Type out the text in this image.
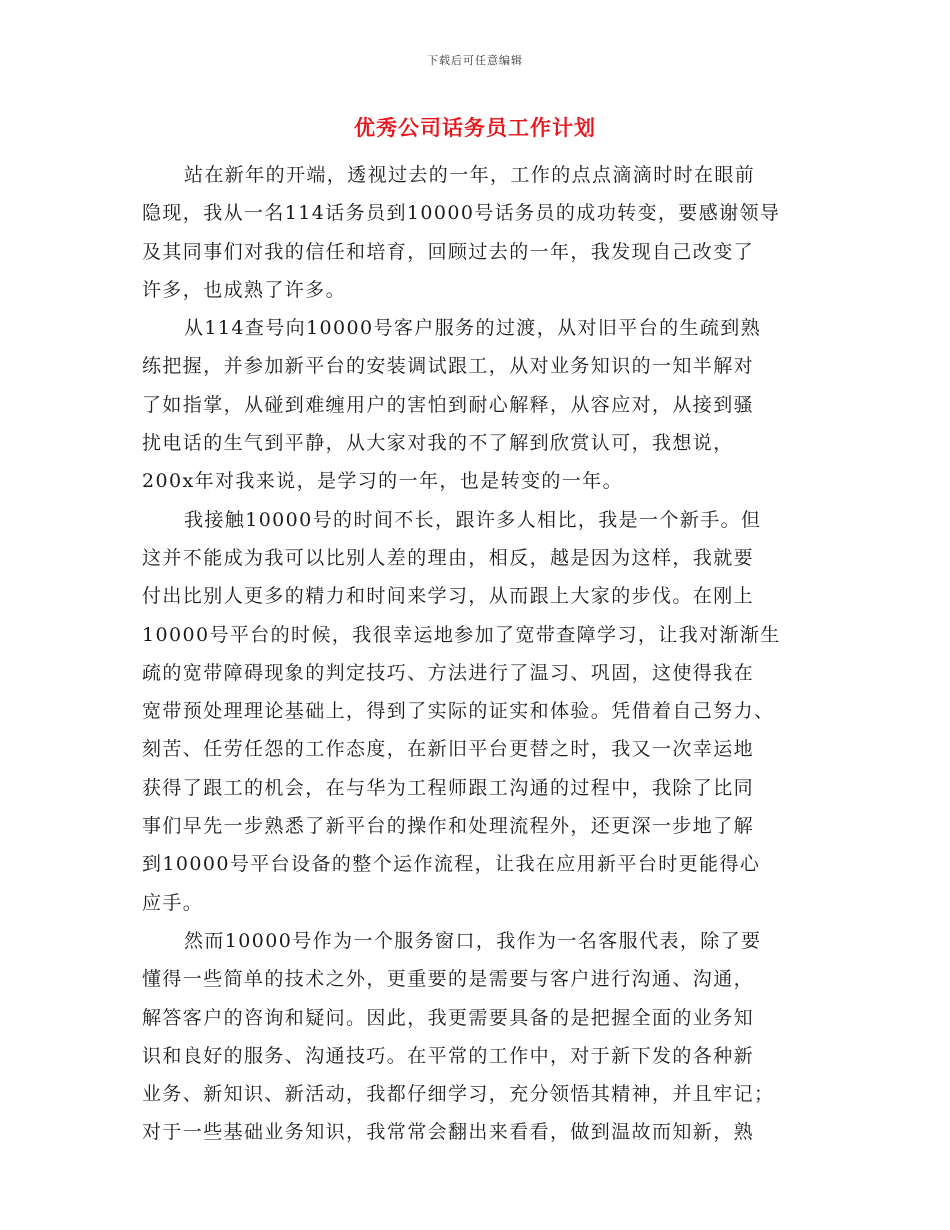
下载后可任意编辑
优秀公司话务员工作计划
站在新年的开端，透视过去的一年，工作的点点滴滴时时在眼前
隐现，我从一名114话务员到10000号话务员的成功转变，要感谢领导
及其同事们对我的信任和培育，回顾过去的一年，我发现自己改变了
许多，也成熟了许多。
从114查号向10000号客户服务的过渡，从对旧平台的生疏到熟
练把握，并参加新平台的安装调试跟工，从对业务知识的一知半解对
了如指掌，从碰到难缠用户的害怕到耐心解释，从容应对，从接到骚
扰电话的生气到平静，从大家对我的不了解到欣赏认可，我想说，
200x年对我来说，是学习的一年，也是转变的一年。
我接触10000号的时间不长，跟许多人相比，我是一个新手。但
这并不能成为我可以比别人差的理由，相反，越是因为这样，我就要
付出比别人更多的精力和时间来学习，从而跟上大家的步伐。在刚上
10000号平台的时候，我很幸运地参加了宽带查障学习，让我对渐渐生
疏的宽带障碍现象的判定技巧、方法进行了温习、巩固，这使得我在
宽带预处理理论基础上，得到了实际的证实和体验。凭借着自己努力、
刻苦、任劳任怨的工作态度，在新旧平台更替之时，我又一次幸运地
获得了跟工的机会，在与华为工程师跟工沟通的过程中，我除了比同
事们早先一步熟悉了新平台的操作和处理流程外，还更深一步地了解
到10000号平台设备的整个运作流程，让我在应用新平台时更能得心
应手。
然而10000号作为一个服务窗口，我作为一名客服代表，除了要
懂得一些简单的技术之外，更重要的是需要与客户进行沟通、沟通，
解答客户的咨询和疑问。因此，我更需要具备的是把握全面的业务知
识和良好的服务、沟通技巧。在平常的工作中，对于新下发的各种新
业务、新知识、新活动，我都仔细学习，充分领悟其精神，并且牢记；
对于一些基础业务知识，我常常会翻出来看看，做到温故而知新，熟
